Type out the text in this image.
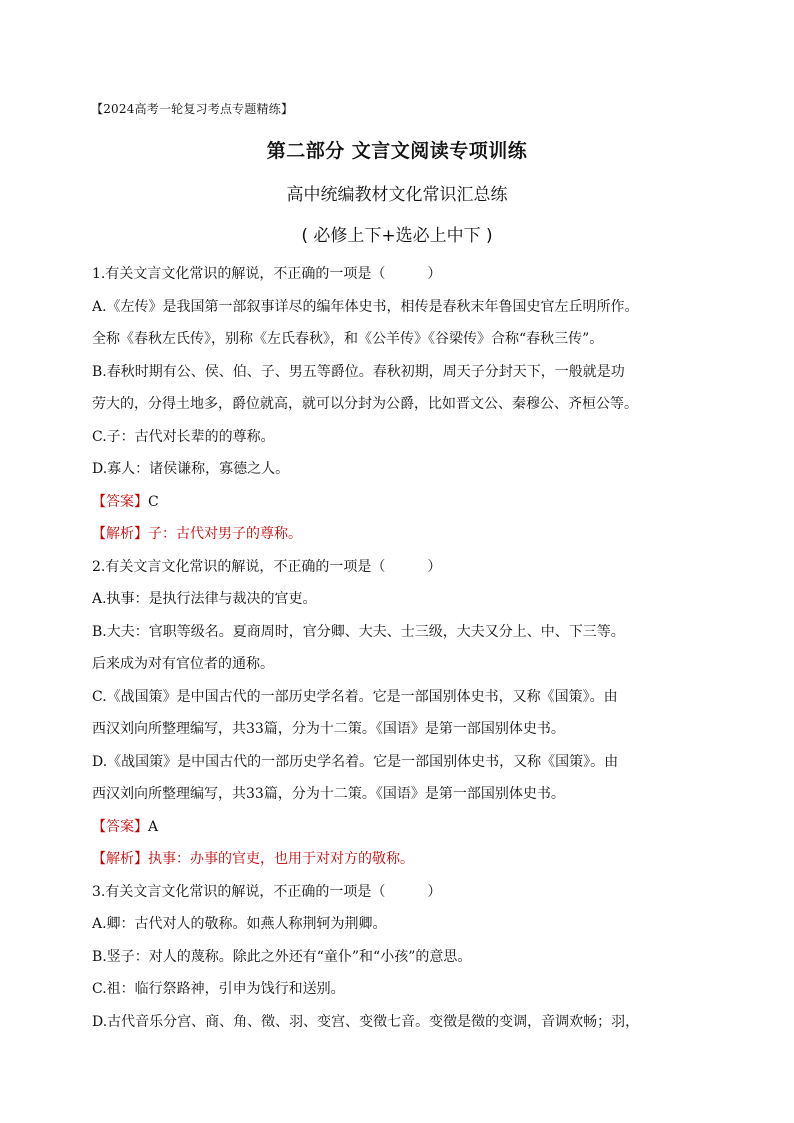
【2024高考一轮复习考点专题精练】
第二部分 文言文阅读专项训练
高中统编教材文化常识汇总练
( 必修上下+选必上中下 )
1.有关文言文化常识的解说，不正确的一项是（　　　）
A.《左传》是我国第一部叙事详尽的编年体史书，相传是春秋末年鲁国史官左丘明所作。
全称《春秋左氏传》，别称《左氏春秋》，和《公羊传》《谷梁传》合称“春秋三传”。
B.春秋时期有公、侯、伯、子、男五等爵位。春秋初期，周天子分封天下，一般就是功
劳大的，分得土地多，爵位就高，就可以分封为公爵，比如晋文公、秦穆公、齐桓公等。
C.子：古代对长辈的的尊称。
D.寡人：诸侯谦称，寡德之人。
【答案】C
【解析】子：古代对男子的尊称。
2.有关文言文化常识的解说，不正确的一项是（　　　）
A.执事：是执行法律与裁决的官吏。
B.大夫：官职等级名。夏商周时，官分卿、大夫、士三级，大夫又分上、中、下三等。
后来成为对有官位者的通称。
C.《战国策》是中国古代的一部历史学名着。它是一部国别体史书，又称《国策》。由
西汉刘向所整理编写，共33篇，分为十二策。《国语》是第一部国别体史书。
D.《战国策》是中国古代的一部历史学名着。它是一部国别体史书，又称《国策》。由
西汉刘向所整理编写，共33篇，分为十二策。《国语》是第一部国别体史书。
【答案】A
【解析】执事：办事的官吏，也用于对对方的敬称。
3.有关文言文化常识的解说，不正确的一项是（　　　）
A.卿：古代对人的敬称。如燕人称荆轲为荆卿。
B.竖子：对人的蔑称。除此之外还有“童仆”和“小孩”的意思。
C.祖：临行祭路神，引申为饯行和送别。
D.古代音乐分宫、商、角、徵、羽、变宫、变徵七音。变徵是徵的变调，音调欢畅；羽，
